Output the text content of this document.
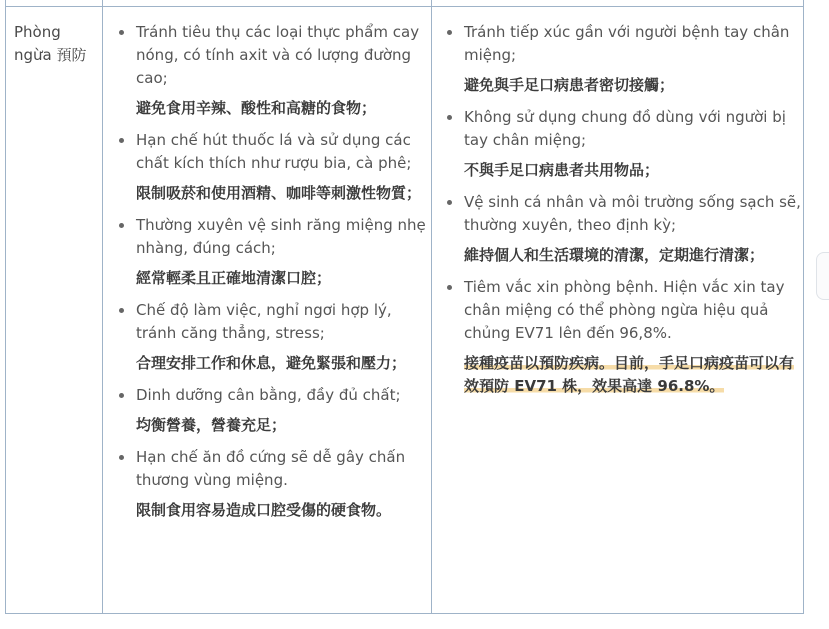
Phòng ngừa 預防

Tránh tiêu thụ các loại thực phẩm cay nóng, có tính axit và có lượng đường cao;

避免食用辛辣、酸性和高糖的食物；

Hạn chế hút thuốc lá và sử dụng các chất kích thích như rượu bia, cà phê;

限制吸菸和使用酒精、咖啡等刺激性物質；

Thường xuyên vệ sinh răng miệng nhẹ nhàng, đúng cách;

經常輕柔且正確地清潔口腔；

Chế độ làm việc, nghỉ ngơi hợp lý, tránh căng thẳng, stress;

合理安排工作和休息，避免緊張和壓力；

Dinh dưỡng cân bằng, đầy đủ chất;

均衡營養，營養充足；

Hạn chế ăn đồ cứng sẽ dễ gây chấn thương vùng miệng.

限制食用容易造成口腔受傷的硬食物。

Tránh tiếp xúc gần với người bệnh tay chân miệng;

避免與手足口病患者密切接觸；

Không sử dụng chung đồ dùng với người bị tay chân miệng;

不與手足口病患者共用物品；

Vệ sinh cá nhân và môi trường sống sạch sẽ, thường xuyên, theo định kỳ;

維持個人和生活環境的清潔，定期進行清潔；

Tiêm vắc xin phòng bệnh. Hiện vắc xin tay chân miệng có thể phòng ngừa hiệu quả chủng EV71 lên đến 96,8%.

接種疫苗以預防疾病。目前，手足口病疫苗可以有效預防 EV71 株，效果高達 96.8%。
